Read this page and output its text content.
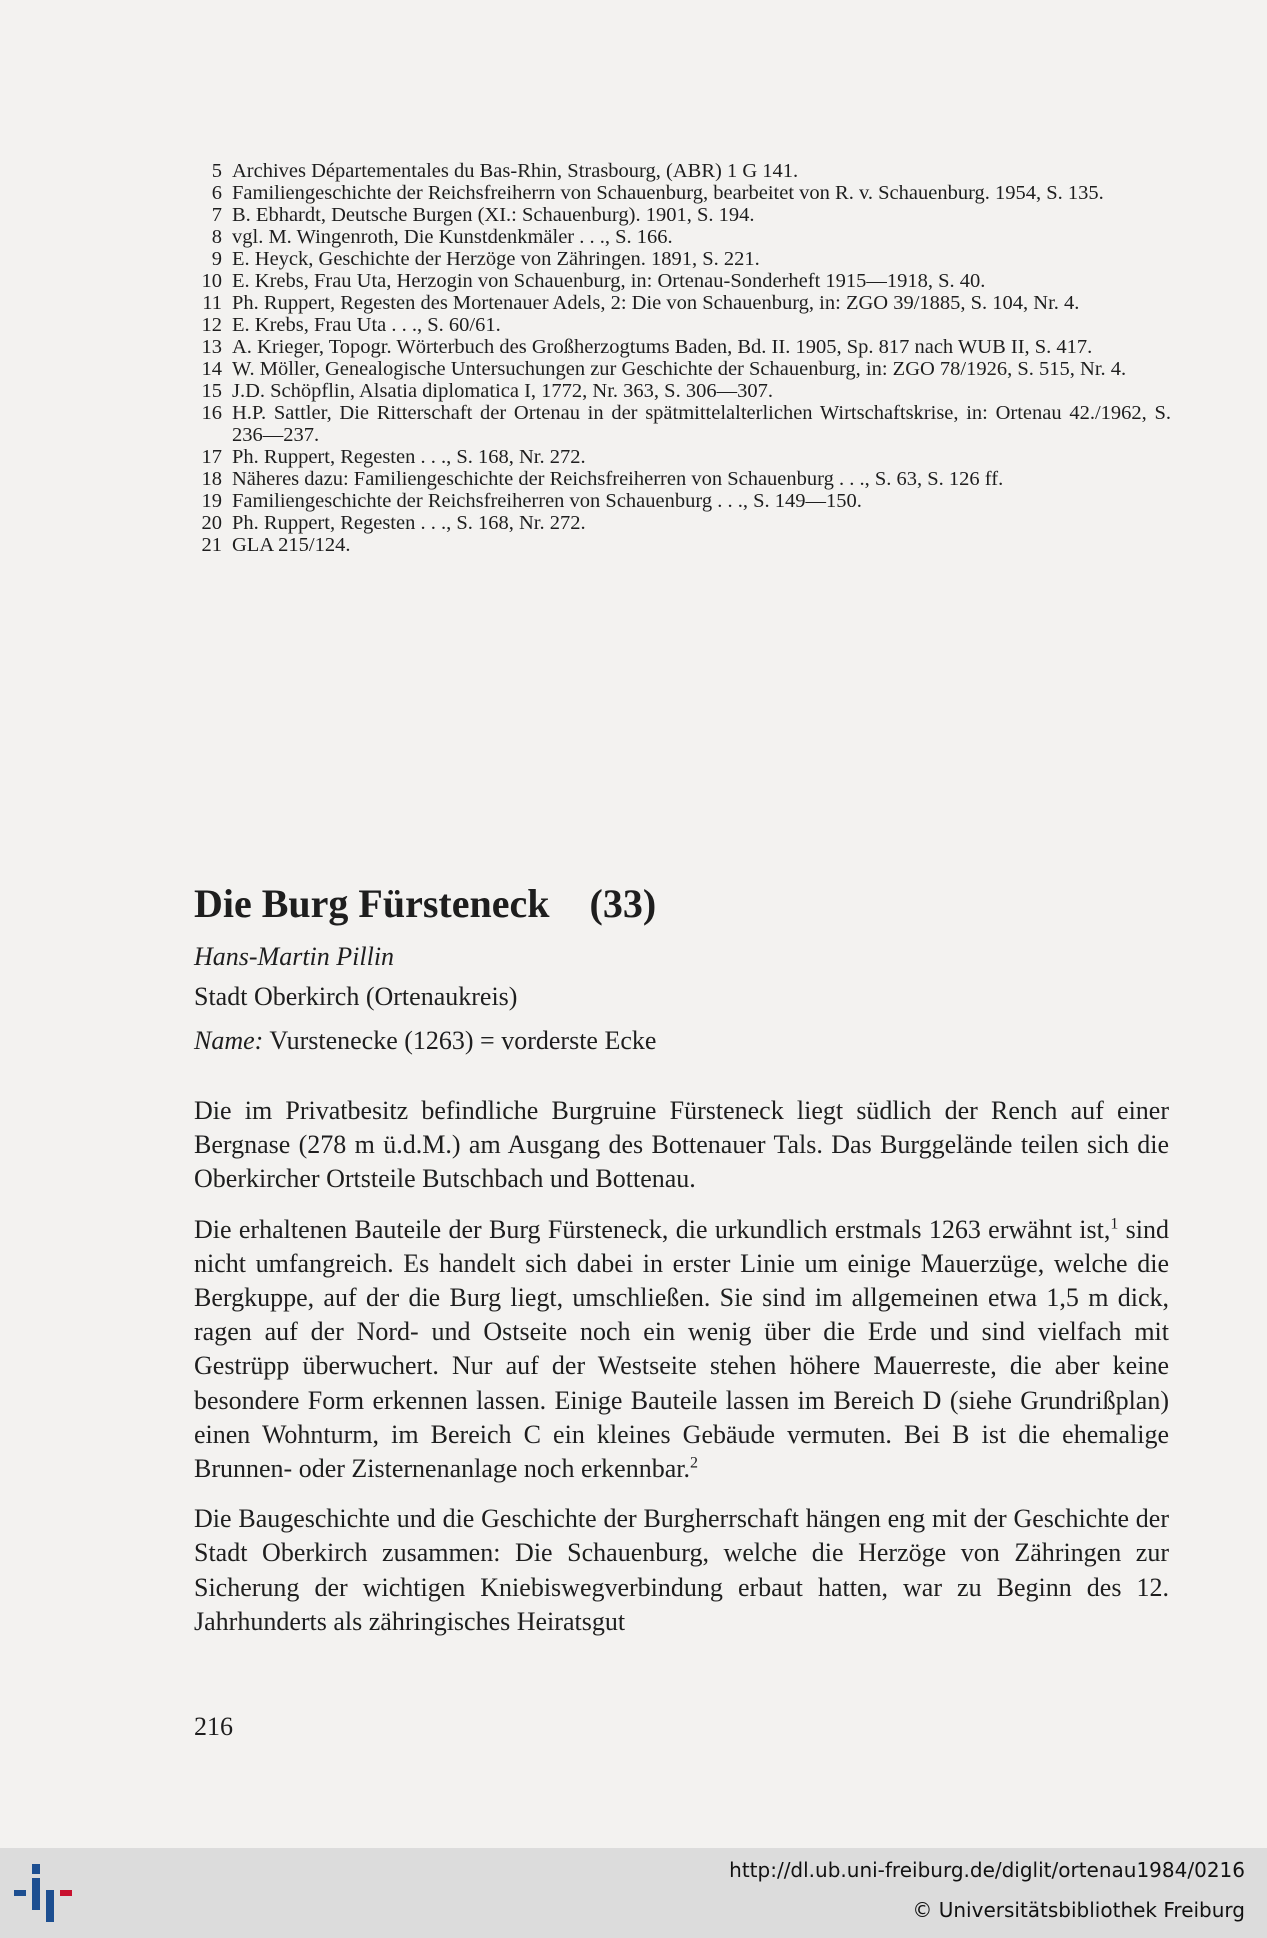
5 Archives Départementales du Bas-Rhin, Strasbourg, (ABR) 1 G 141.
6 Familiengeschichte der Reichsfreiherrn von Schauenburg, bearbeitet von R. v. Schauenburg. 1954, S. 135.
7 B. Ebhardt, Deutsche Burgen (XI.: Schauenburg). 1901, S. 194.
8 vgl. M. Wingenroth, Die Kunstdenkmäler . . ., S. 166.
9 E. Heyck, Geschichte der Herzöge von Zähringen. 1891, S. 221.
10 E. Krebs, Frau Uta, Herzogin von Schauenburg, in: Ortenau-Sonderheft 1915—1918, S. 40.
11 Ph. Ruppert, Regesten des Mortenauer Adels, 2: Die von Schauenburg, in: ZGO 39/1885, S. 104, Nr. 4.
12 E. Krebs, Frau Uta . . ., S. 60/61.
13 A. Krieger, Topogr. Wörterbuch des Großherzogtums Baden, Bd. II. 1905, Sp. 817 nach WUB II, S. 417.
14 W. Möller, Genealogische Untersuchungen zur Geschichte der Schauenburg, in: ZGO 78/1926, S. 515, Nr. 4.
15 J.D. Schöpflin, Alsatia diplomatica I, 1772, Nr. 363, S. 306—307.
16 H.P. Sattler, Die Ritterschaft der Ortenau in der spätmittelalterlichen Wirtschaftskrise, in: Ortenau 42./1962, S. 236—237.
17 Ph. Ruppert, Regesten . . ., S. 168, Nr. 272.
18 Näheres dazu: Familiengeschichte der Reichsfreiherren von Schauenburg . . ., S. 63, S. 126 ff.
19 Familiengeschichte der Reichsfreiherren von Schauenburg . . ., S. 149—150.
20 Ph. Ruppert, Regesten . . ., S. 168, Nr. 272.
21 GLA 215/124.
Die Burg Fürsteneck (33)
Hans-Martin Pillin
Stadt Oberkirch (Ortenaukreis)
Name: Vurstenecke (1263) = vorderste Ecke

Die im Privatbesitz befindliche Burgruine Fürsteneck liegt südlich der Rench auf einer Bergnase (278 m ü.d.M.) am Ausgang des Bottenauer Tals. Das Burggelände teilen sich die Oberkircher Ortsteile Butschbach und Bottenau.

Die erhaltenen Bauteile der Burg Fürsteneck, die urkundlich erstmals 1263 erwähnt ist,$^1$ sind nicht umfangreich. Es handelt sich dabei in erster Linie um einige Mauerzüge, welche die Bergkuppe, auf der die Burg liegt, umschließen. Sie sind im allgemeinen etwa 1,5 m dick, ragen auf der Nord- und Ostseite noch ein wenig über die Erde und sind vielfach mit Gestrüpp überwuchert. Nur auf der Westseite stehen höhere Mauerreste, die aber keine besondere Form erkennen lassen. Einige Bauteile lassen im Bereich D (siehe Grundrißplan) einen Wohnturm, im Bereich C ein kleines Gebäude vermuten. Bei B ist die ehemalige Brunnen- oder Zisternenanlage noch erkennbar.$^2$

Die Baugeschichte und die Geschichte der Burgherrschaft hängen eng mit der Geschichte der Stadt Oberkirch zusammen: Die Schauenburg, welche die Herzöge von Zähringen zur Sicherung der wichtigen Kniebiswegverbindung erbaut hatten, war zu Beginn des 12. Jahrhunderts als zähringisches Heiratsgut

216
http://dl.ub.uni-freiburg.de/diglit/ortenau1984/0216
© Universitätsbibliothek Freiburg
